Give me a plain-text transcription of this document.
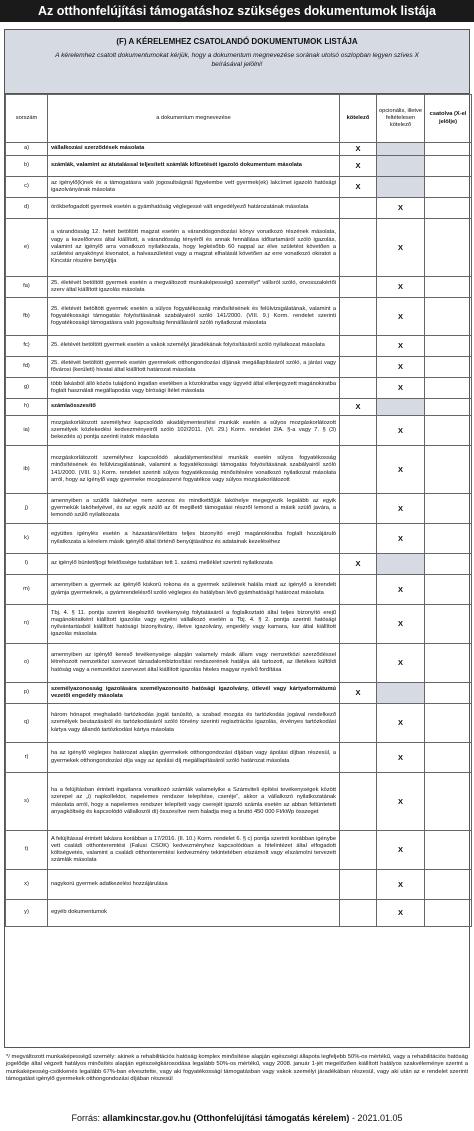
Az otthonfelújítási támogatáshoz szükséges dokumentumok listája
(F) A KÉRELEMHEZ CSATOLANDÓ DOKUMENTUMOK LISTÁJA
A kérelemhez csatolt dokumentumokat kérjük, hogy a dokumentum megnevezése sorának utolsó oszlopban legyen szíves X beírásával jelölni!
sorszám	a dokumentum megnevezése	kötelező	opcionális, illetve feltételesen kötelező	csatolva (X-el jelölje)
a)	vállalkozási szerződések másolata	X		
b)	számlák, valamint az átutalással teljesített számlák kifizetését igazoló dokumentum másolata	X		
c)	az igénylő(k)nek és a támogatásra való jogosultságnál figyelembe vett gyermek(ek) lakcímet igazoló hatósági igazolványának másolata	X		
d)	örökbefogadott gyermek esetén a gyámhatóság véglegessé vált engedélyező határozatának másolata		X	
e)	a várandósság 12. hetét betöltött magzat esetén a várandósgondozási könyv vonatkozó részének másolata, vagy a kezelőorvos által kiállított, a várandósság tényéről és annak fennállása időtartamáról szóló igazolás, valamint az igénylő arra vonatkozó nyilatkozata, hogy legkésőbb 60 nappal az élve születést követően a születési anyakönyvi kivonatot, a halvaszületést vagy a magzat elhalását követően az erre vonatkozó okiratot a Kincstár részére benyújtja		X	
fa)	25. életévét betöltött gyermek esetén a megváltozott munkaképességű személyt* vállsról szóló, orvosszakértői szerv által kiállított igazolás másolata		X	
fb)	25. életévét betöltött gyermek esetén a súlyos fogyatékosság minősítésének és felülvizsgálatának, valamint a fogyatékossági támogatás folyósításának szabályairól szóló 141/2000. (VIII. 9.) Korm. rendelet szerinti fogyatékossági támogatásra való jogosultság fennállásáról szóló nyilatkozat másolata		X	
fc)	25. életévét betöltött gyermek esetén a vakok személyi járadékának folyósításáról szóló nyilatkozat másolata		X	
fd)	25. életévét betöltött gyermek esetén gyermekek otthongondozási díjának megállapításáról szóló, a járási vagy fővárosi (kerületi) hivatal által kiállított határozat másolata		X	
g)	több lakásból álló közös tulajdonú ingatlan esetében a közokiratba vagy ügyvéd által ellenjegyzett magánokiratba foglalt használati megállapodás vagy bírósági ítélet másolata		X	
h)	számlaösszesítő	X		
ia)	mozgáskorlátozott személyhez kapcsolódó akadálymentesítési munkák esetén a súlyos mozgáskorlátozott személyek közlekedési kedvezményeiről szóló 102/2011. (VI. 29.) Korm. rendelet 2/A. §-a vagy 7. § (3) bekezdés a) pontja szerinti iratok másolata		X	
ib)	mozgáskorlátozott személyhez kapcsolódó akadálymentesítési munkák esetén súlyos fogyatékosság minősítésének és felülvizsgálatának, valamint a fogyatékossági támogatás folyósításának szabályairól szóló 141/2000. (VIII. 9.) Korm. rendelet szerinti súlyos fogyatékosság minősítésére vonatkozó nyilatkozat másolata arról, hogy az igénylő vagy gyermeke mozgásszervi fogyatékos vagy súlyos mozgáskorlátozott		X	
j)	amennyiben a szülők lakóhelye nem azonos és mindkettőjük lakóhelye megegyezik legalább az egyik gyermekük lakóhelyével, és az egyik szülő az őt megillető támogatási részről lemond a másik szülő javára, a lemondó szülő nyilatkozata		X	
k)	együttes igénylés esetén a házastárs/élettárs teljes bizonyító erejű magánokiratba foglalt hozzájáruló nyilatkozata a kérelem másik igénylő által történő benyújtásához és adatainak kezeléséhez		X	
l)	az igénylő büntetőjogi felelőssége tudatában tett 1. számú melléklet szerinti nyilatkozata	X		
m)	amennyiben a gyermek az igénylő kiskorú rokona és a gyermek szüleinek halála miatt az igénylő a kirendelt gyámja gyermeknek, a gyámrendelésről szóló végleges és hatályban lévő gyámhatósági határozat másolata		X	
n)	Tbj. 4. § 11. pontja szerinti kiegészítő tevékenység folytatásáról a foglalkoztató által teljes bizonyító erejű magánokiratként kiállított igazolás vagy egyéni vállalkozó esetén a Tbj. 4. § 2. pontja szerinti hatósági nyilvántartásból kiállított hatósági bizonyítvány, illetve igazolvány, engedély vagy kamara, kar által kiállított igazolás másolata		X	
o)	amennyiben az igénylő kereső tevékenysége alapján valamely másik állam vagy nemzetközi szerződéssel létrehozott nemzetközi szervezet társadalombiztosítási rendszerének hatálya alá tartozott, az illetékes külföldi hatóság vagy a nemzetközi szervezet által kiállított igazolás hiteles magyar nyelvű fordítása		X	
p)	személyazonosság igazolására személyazonosító hatósági igazolvány, útlevél vagy kártyaformátumú vezetői engedély másolata	X		
q)	három hónapot meghaladó tartózkodás jogát tanúsító, a szabad mozgás és tartózkodás jogával rendelkező személyek beutazásáról és tartózkodásáról szóló törvény szerinti regisztrációs igazolás, érvényes tartózkodási kártya vagy állandó tartózkodási kártya másolata		X	
r)	ha az igénylő végleges határozat alapján gyermekek otthongondozási díjában vagy ápolási díjban részesül, a gyermekek otthongondozási díja vagy az ápolási díj megállapításáról szóló határozat másolata		X	
s)	ha a felújításban érintett ingatlanra vonatkozó számlák valamelyike a Számviteli építési tevékenységek között szerepel az „i) napkollektor, napelemes rendszer telepítése, cseréje”, akkor a vállalkozó nyilatkozatának másolata arról, hogy a napelemes rendszer telepített vagy cserejét igazoló számla esetén az abban feltüntetett anyagköltség és kapcsolódó vállalkozói díj összesítve nem haladja meg a bruttó 450 000 Ft/kWp összeget		X	
t)	A felújítással érintett lakásra korábban a 17/2016. (II. 10.) Korm. rendelet 6. § c) pontja szerinti korábban igénybe vett családi otthonteremtési (Falusi CSOK) kedvezményhez kapcsolódóan a hitelintézet által elfogadott költségvetés, valamint a családi otthonteremtési kedvezmény tekintetében elszámolt vagy elszámolni tervezett számlák másolata		X	
x)	nagykorú gyermek adatkezelési hozzájárulása		X	
y)	egyéb dokumentumok		X	
*/ megváltozott munkaképességű személy: akinek a rehabilitációs hatóság komplex minősítése alapján egészségi állapota legfeljebb 50%-os mértékű, vagy a rehabilitációs hatóság jogelődje által végzett hatályos minősítés alapján egészségkárosodása legalább 50%-os mértékű, vagy 2008. január 1-jét megelőzően kiállított hatályos szakvéleménye szerint a munkaképesség-csökkenés legalább 67%-ban elvesztette, vagy aki fogyatékossági támogatásban vagy vakok személyi járadékában részesül, vagy aki után az e rendelet szerinti támogatást igénylő gyermekek otthongondozási díjában részesül
Forrás: allamkincstar.gov.hu (Otthonfelújítási támogatás kérelem) - 2021.01.05
